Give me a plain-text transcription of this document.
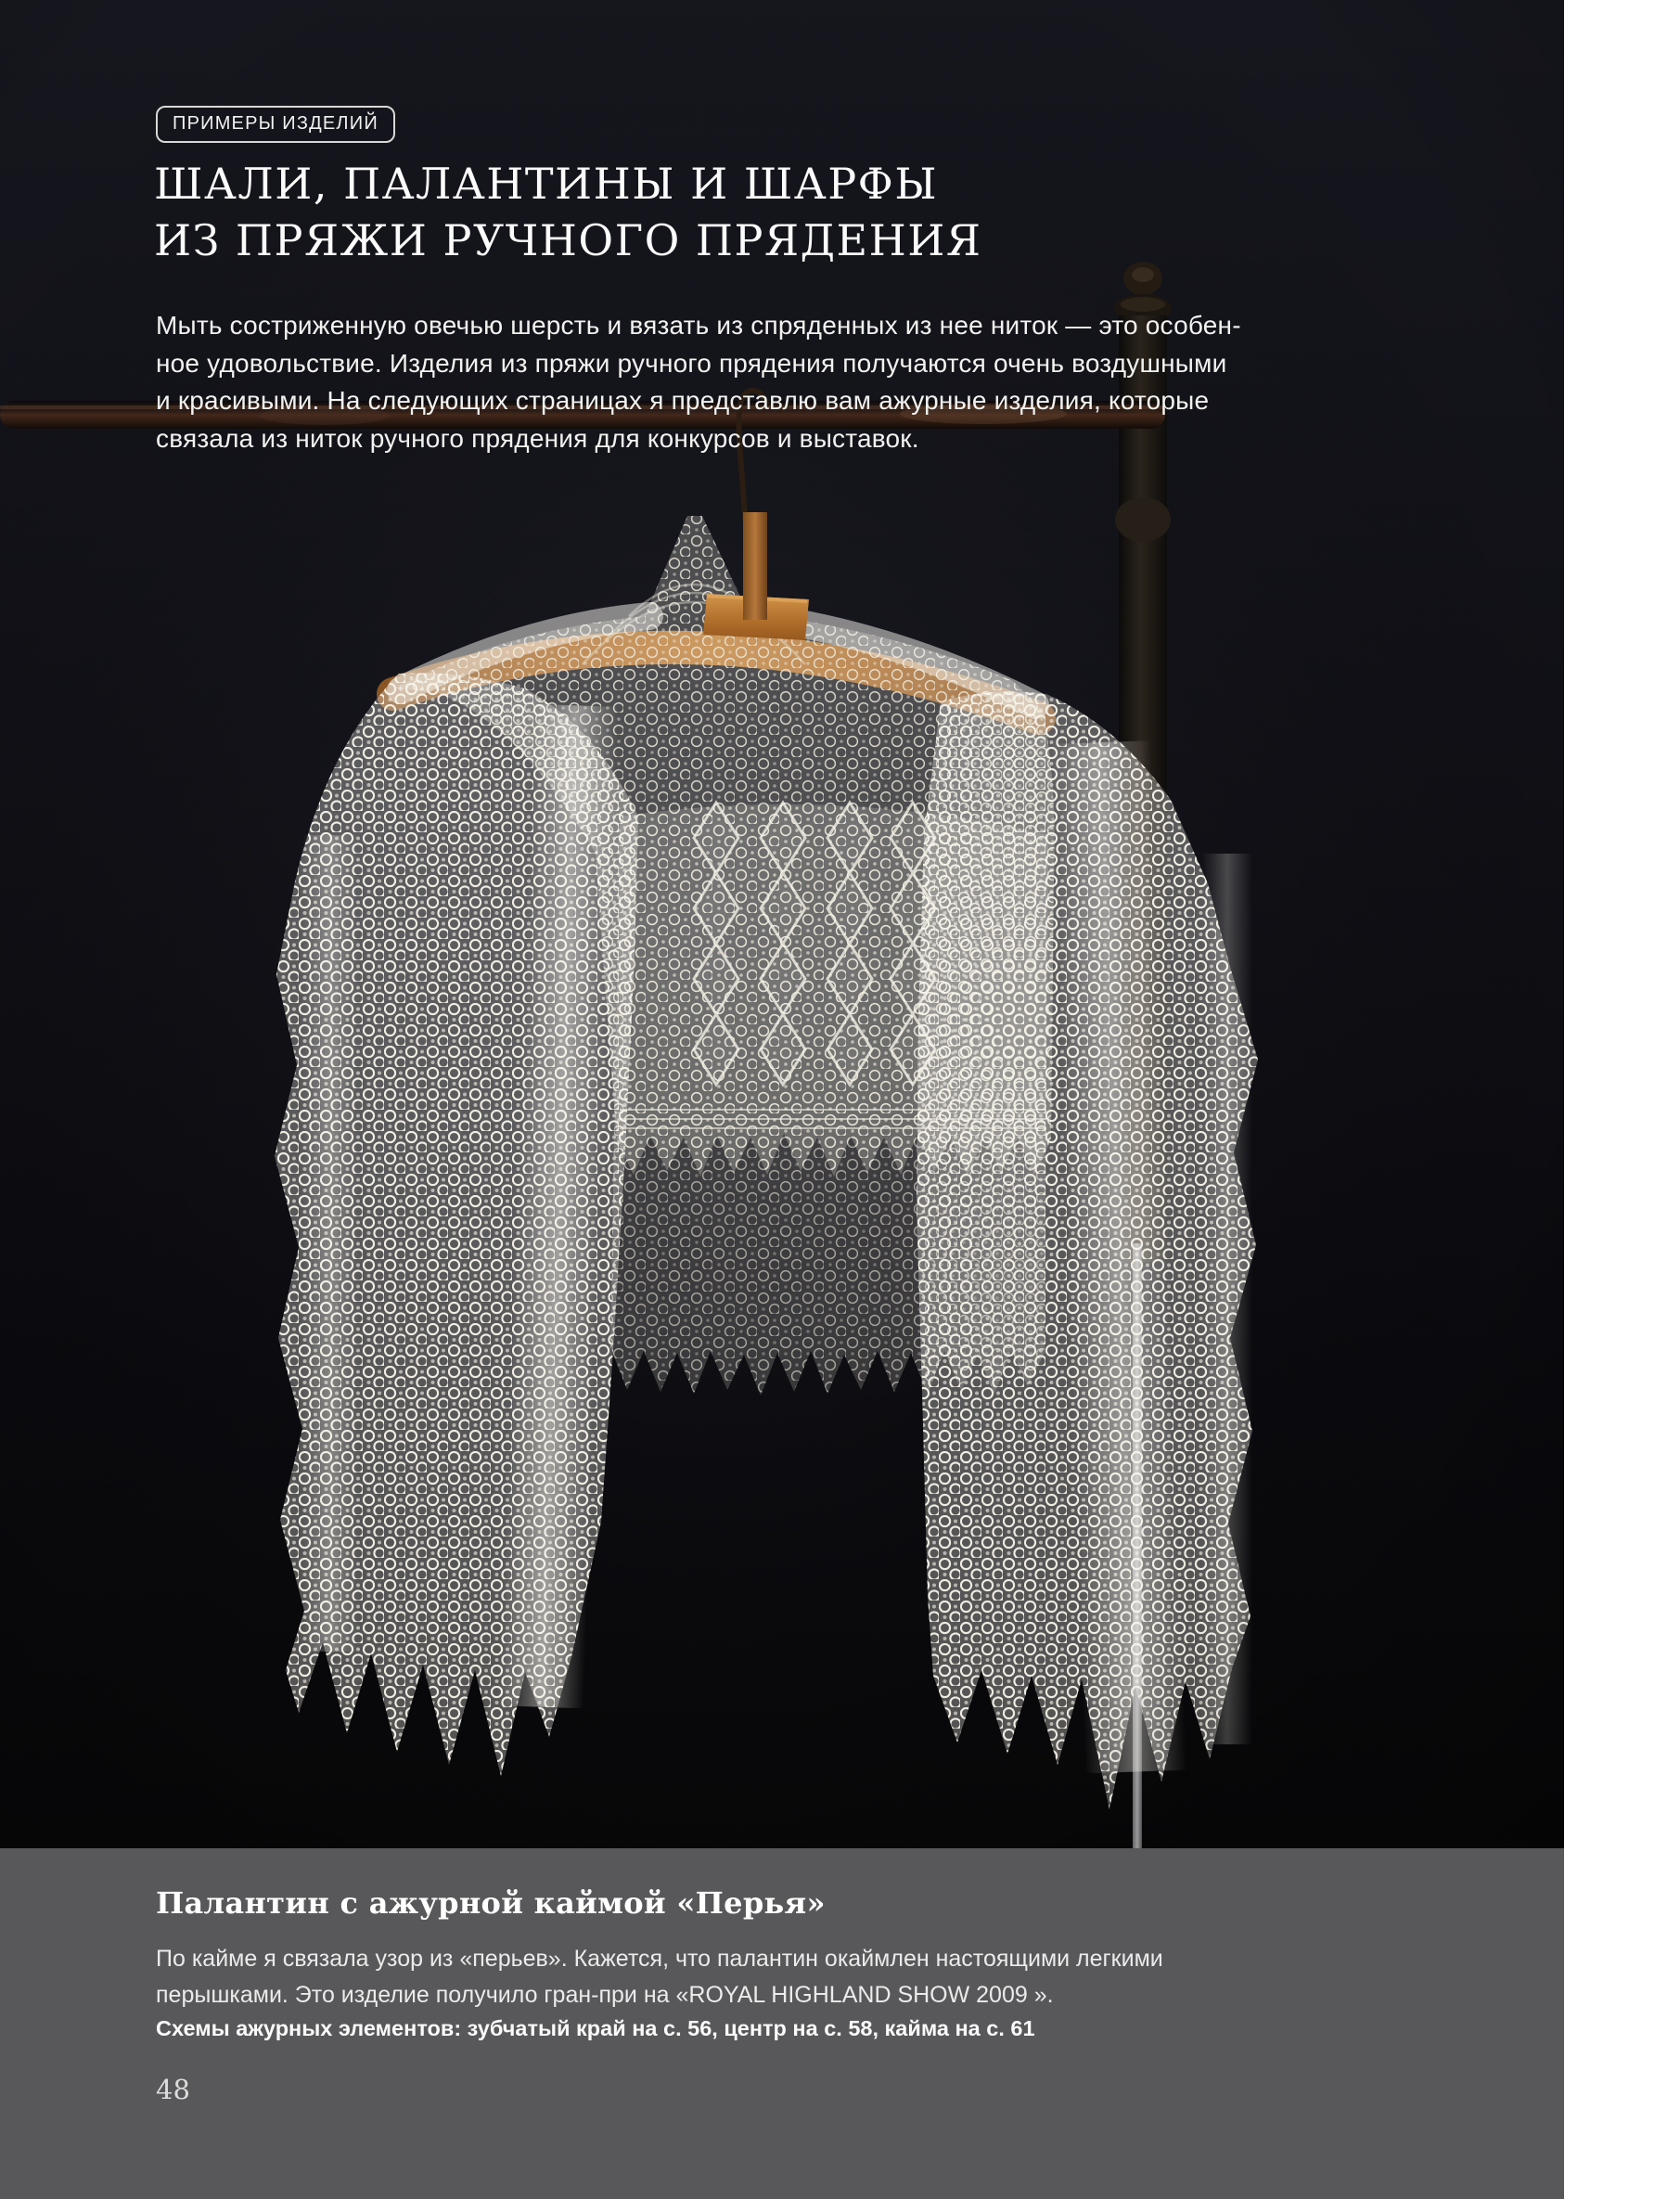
ПРИМЕРЫ ИЗДЕЛИЙ
ШАЛИ, ПАЛАНТИНЫ И ШАРФЫ
ИЗ ПРЯЖИ РУЧНОГО ПРЯДЕНИЯ
Мыть состриженную овечью шерсть и вязать из спряденных из нее ниток — это особен-
ное удовольствие. Изделия из пряжи ручного прядения получаются очень воздушными
и красивыми. На следующих страницах я представлю вам ажурные изделия, которые
связала из ниток ручного прядения для конкурсов и выставок.
Палантин с ажурной каймой «Перья»
По кайме я связала узор из «перьев». Кажется, что палантин окаймлен настоящими легкими
перышками. Это изделие получило гран-при на «ROYAL HIGHLAND SHOW 2009 ».
Схемы ажурных элементов: зубчатый край на с. 56, центр на с. 58, кайма на с. 61
48
